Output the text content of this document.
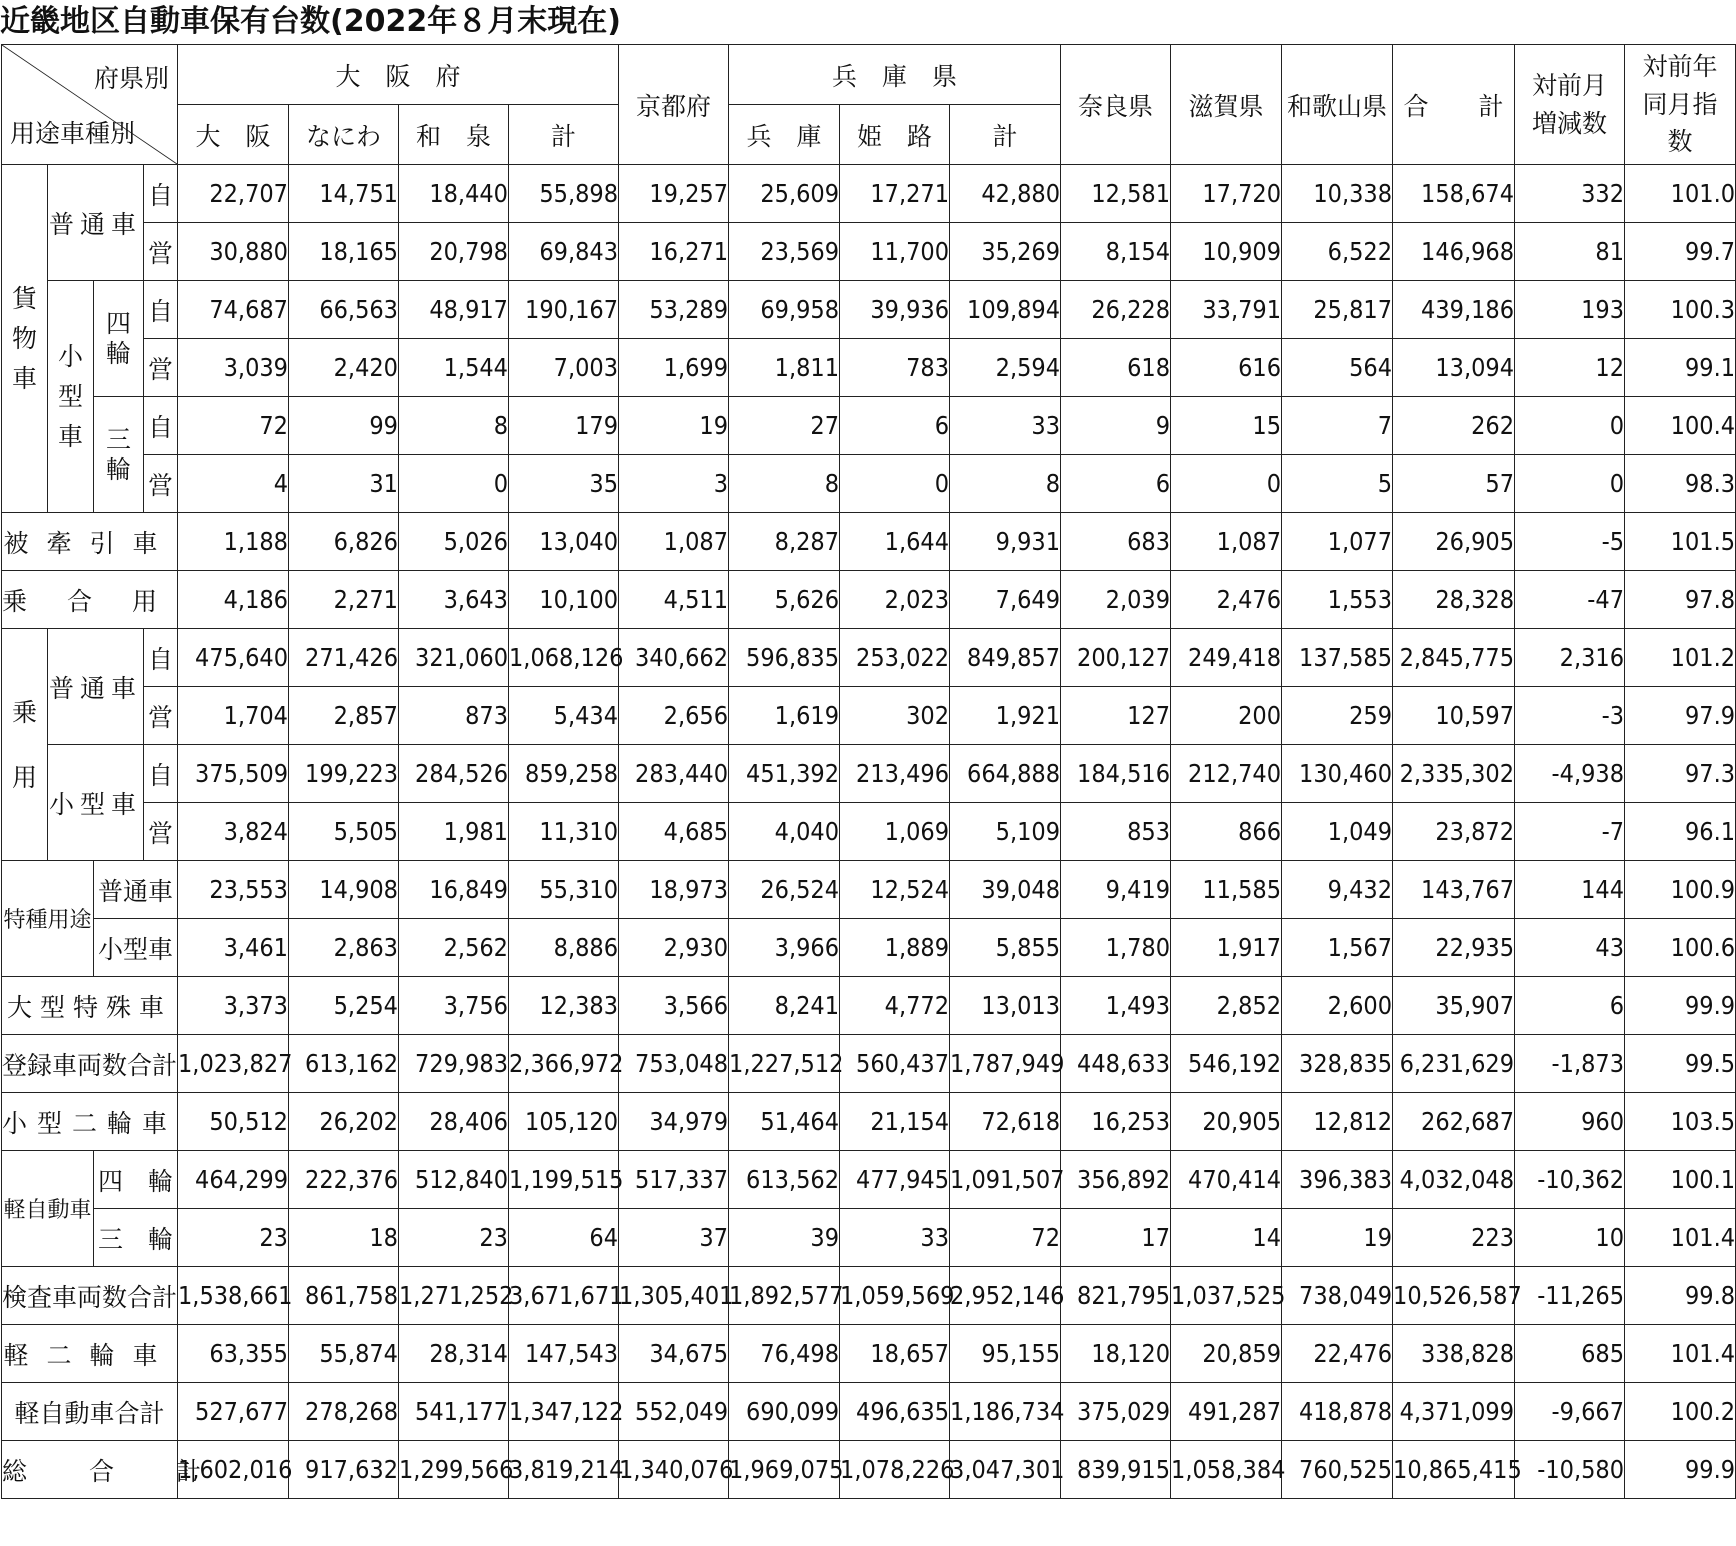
近畿地区自動車保有台数(2022年８月末現在)
府県別
用途車種別				大　阪　府				京都府	兵　庫　県			奈良県	滋賀県	和歌山県	合　　計	対前月増減数	対前年同月指数
				大　阪	なにわ	和　泉	計		兵　庫	姫　路	計						
貨物車	普通車		自	22,707	14,751	18,440	55,898	19,257	25,609	17,271	42,880	12,581	17,720	10,338	158,674	332	101.0
			営	30,880	18,165	20,798	69,843	16,271	23,569	11,700	35,269	8,154	10,909	6,522	146,968	81	99.7
	小型車	四輪	自	74,687	66,563	48,917	190,167	53,289	69,958	39,936	109,894	26,228	33,791	25,817	439,186	193	100.3
			営	3,039	2,420	1,544	7,003	1,699	1,811	783	2,594	618	616	564	13,094	12	99.1
		三輪	自	72	99	8	179	19	27	6	33	9	15	7	262	0	100.4
			営	4	31	0	35	3	8	0	8	6	0	5	57	0	98.3
被牽引車				1,188	6,826	5,026	13,040	1,087	8,287	1,644	9,931	683	1,087	1,077	26,905	-5	101.5
乗合用				4,186	2,271	3,643	10,100	4,511	5,626	2,023	7,649	2,039	2,476	1,553	28,328	-47	97.8
乗用	普通車		自	475,640	271,426	321,060	1,068,126	340,662	596,835	253,022	849,857	200,127	249,418	137,585	2,845,775	2,316	101.2
			営	1,704	2,857	873	5,434	2,656	1,619	302	1,921	127	200	259	10,597	-3	97.9
	小型車		自	375,509	199,223	284,526	859,258	283,440	451,392	213,496	664,888	184,516	212,740	130,460	2,335,302	-4,938	97.3
			営	3,824	5,505	1,981	11,310	4,685	4,040	1,069	5,109	853	866	1,049	23,872	-7	96.1
特種用途		普通車		23,553	14,908	16,849	55,310	18,973	26,524	12,524	39,048	9,419	11,585	9,432	143,767	144	100.9
		小型車		3,461	2,863	2,562	8,886	2,930	3,966	1,889	5,855	1,780	1,917	1,567	22,935	43	100.6
大型特殊車				3,373	5,254	3,756	12,383	3,566	8,241	4,772	13,013	1,493	2,852	2,600	35,907	6	99.9
登録車両数合計				1,023,827	613,162	729,983	2,366,972	753,048	1,227,512	560,437	1,787,949	448,633	546,192	328,835	6,231,629	-1,873	99.5
小型二輪車				50,512	26,202	28,406	105,120	34,979	51,464	21,154	72,618	16,253	20,905	12,812	262,687	960	103.5
軽自動車		四　輪		464,299	222,376	512,840	1,199,515	517,337	613,562	477,945	1,091,507	356,892	470,414	396,383	4,032,048	-10,362	100.1
		三　輪		23	18	23	64	37	39	33	72	17	14	19	223	10	101.4
検査車両数合計				1,538,661	861,758	1,271,252	3,671,671	1,305,401	1,892,577	1,059,569	2,952,146	821,795	1,037,525	738,049	10,526,587	-11,265	99.8
軽二輪車				63,355	55,874	28,314	147,543	34,675	76,498	18,657	95,155	18,120	20,859	22,476	338,828	685	101.4
軽自動車合計				527,677	278,268	541,177	1,347,122	552,049	690,099	496,635	1,186,734	375,029	491,287	418,878	4,371,099	-9,667	100.2
総　　合　　計				1,602,016	917,632	1,299,566	3,819,214	1,340,076	1,969,075	1,078,226	3,047,301	839,915	1,058,384	760,525	10,865,415	-10,580	99.9
